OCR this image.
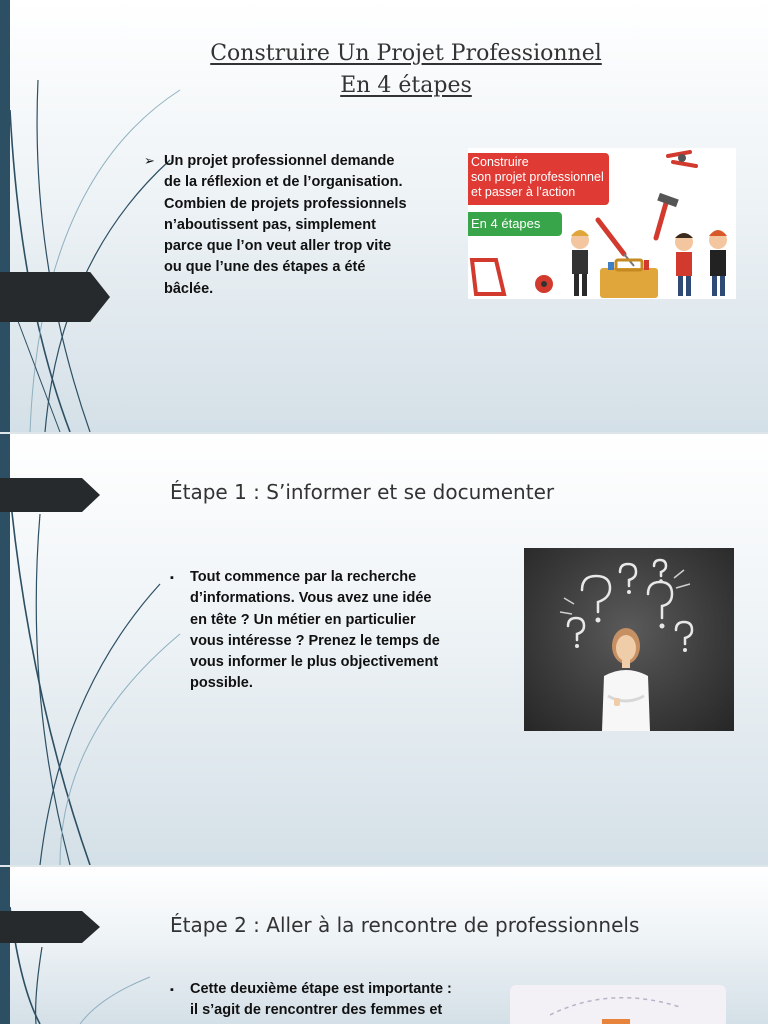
Construire Un Projet Professionnel
En 4 étapes
➢ Un projet professionnel demande
de la réflexion et de l’organisation.
Combien de projets professionnels
n’aboutissent pas, simplement
parce que l’on veut aller trop vite
ou que l’une des étapes a été
bâclée.
Construire
son projet professionnel
et passer à l’action
En 4 étapes
Étape 1 : S’informer et se documenter
▪ Tout commence par la recherche
d’informations. Vous avez une idée
en tête ? Un métier en particulier
vous intéresse ? Prenez le temps de
vous informer le plus objectivement
possible.
Étape 2 : Aller à la rencontre de professionnels
▪ Cette deuxième étape est importante :
il s’agit de rencontrer des femmes et
